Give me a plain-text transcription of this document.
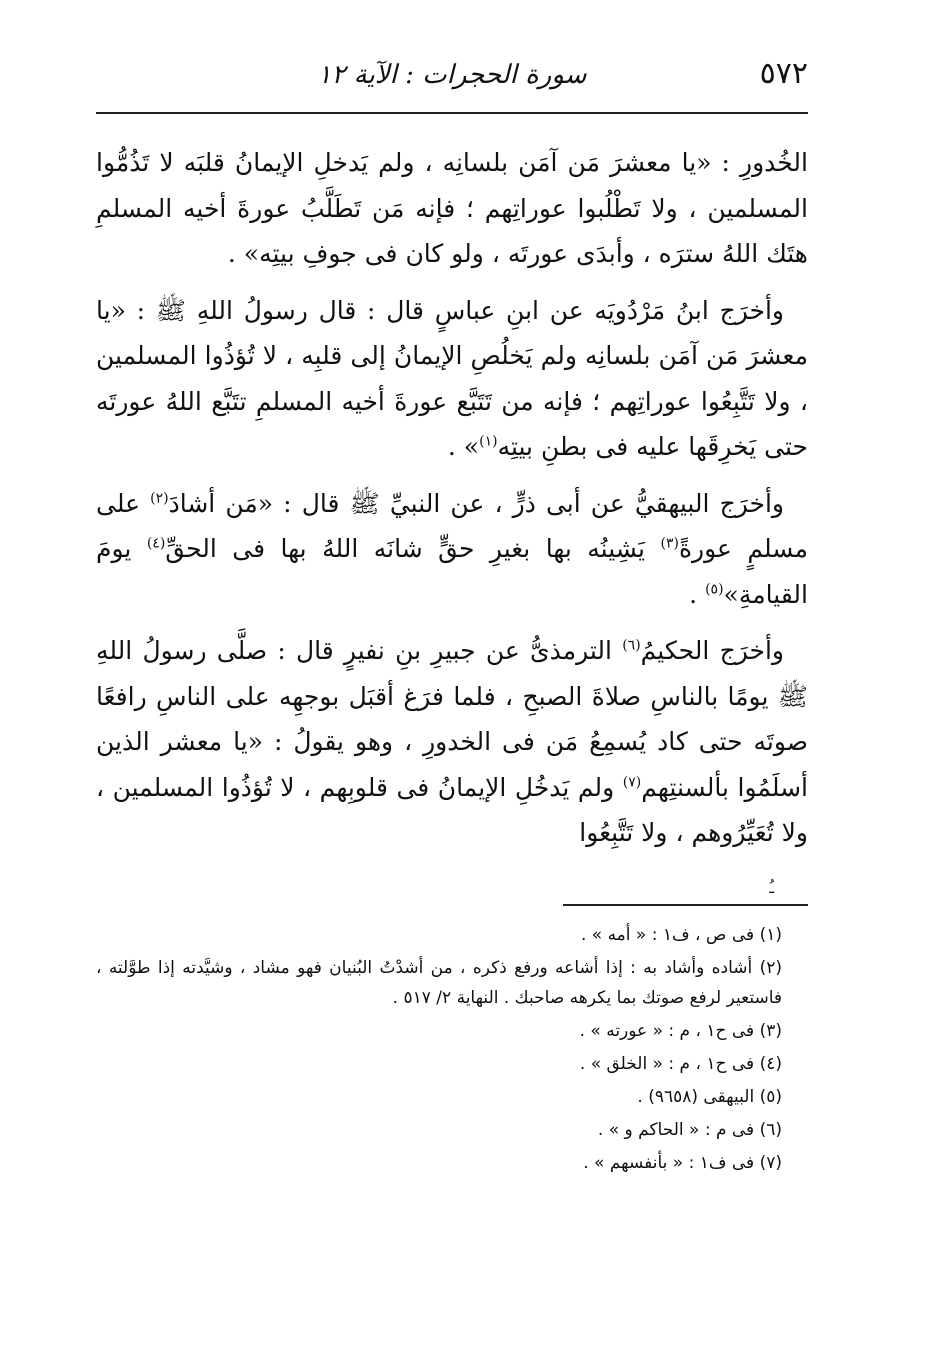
٥٧٢
سورة الحجرات : الآية ١٢

الخُدورِ : «يا معشرَ مَن آمَن بلسانِه ، ولم يَدخلِ الإيمانُ قلبَه لا تَذُمُّوا المسلمين ، ولا تَطْلُبوا عوراتِهم ؛ فإنه مَن تَطَلَّبُ عورةَ أخيه المسلمِ هتَك اللهُ سترَه ، وأبدَى عورتَه ، ولو كان فى جوفِ بيتِه» .

وأخرَج ابنُ مَرْدُويَه عن ابنِ عباسٍ قال : قال رسولُ اللهِ ﷺ : «يا معشرَ مَن آمَن بلسانِه ولم يَخلُصِ الإيمانُ إلى قلبِه ، لا تُؤذُوا المسلمين ، ولا تَتَّبِعُوا عوراتِهم ؛ فإنه من تَتَبَّع عورةَ أخيه المسلمِ تتَبَّع اللهُ عورتَه حتى يَخرِقَها عليه فى بطنِ بيتِه$^{(١)}$» .

وأخرَج البيهقيُّ عن أبى ذرٍّ ، عن النبيِّ ﷺ قال : «مَن أشادَ$^{(٢)}$ على مسلمٍ عورةً$^{(٣)}$ يَشِينُه بها بغيرِ حقٍّ شانَه اللهُ بها فى الحقِّ$^{(٤)}$ يومَ القيامةِ»$^{(٥)}$ .

وأخرَج الحكيمُ$^{(٦)}$ الترمذىُّ عن جبيرِ بنِ نفيرٍ قال : صلَّى رسولُ اللهِ ﷺ يومًا بالناسِ صلاةَ الصبحِ ، فلما فرَغ أقبَل بوجهِه على الناسِ رافعًا صوتَه حتى كاد يُسمِعُ مَن فى الخدورِ ، وهو يقولُ : «يا معشر الذين أسلَمُوا بألسنتِهم$^{(٧)}$ ولم يَدخُلِ الإيمانُ فى قلوبِهم ، لا تُؤذُوا المسلمين ، ولا تُعَيِّرُوهم ، ولا تَتَّبِعُوا

ـُ

(١) فى ص ، ف١ : « أمه » .

(٢) أشاده وأشاد به : إذا أشاعه ورفع ذكره ، من أشدْتُ البُنيان فهو مشاد ، وشيَّدته إذا طوَّلته ، فاستعير لرفع صوتك بما يكرهه صاحبك . النهاية ٢/ ٥١٧ .

(٣) فى ح١ ، م : « عورته » .

(٤) فى ح١ ، م : « الخلق » .

(٥) البيهقى (٩٦٥٨) .

(٦) فى م : « الحاكم و » .

(٧) فى ف١ : « بأنفسهم » .
